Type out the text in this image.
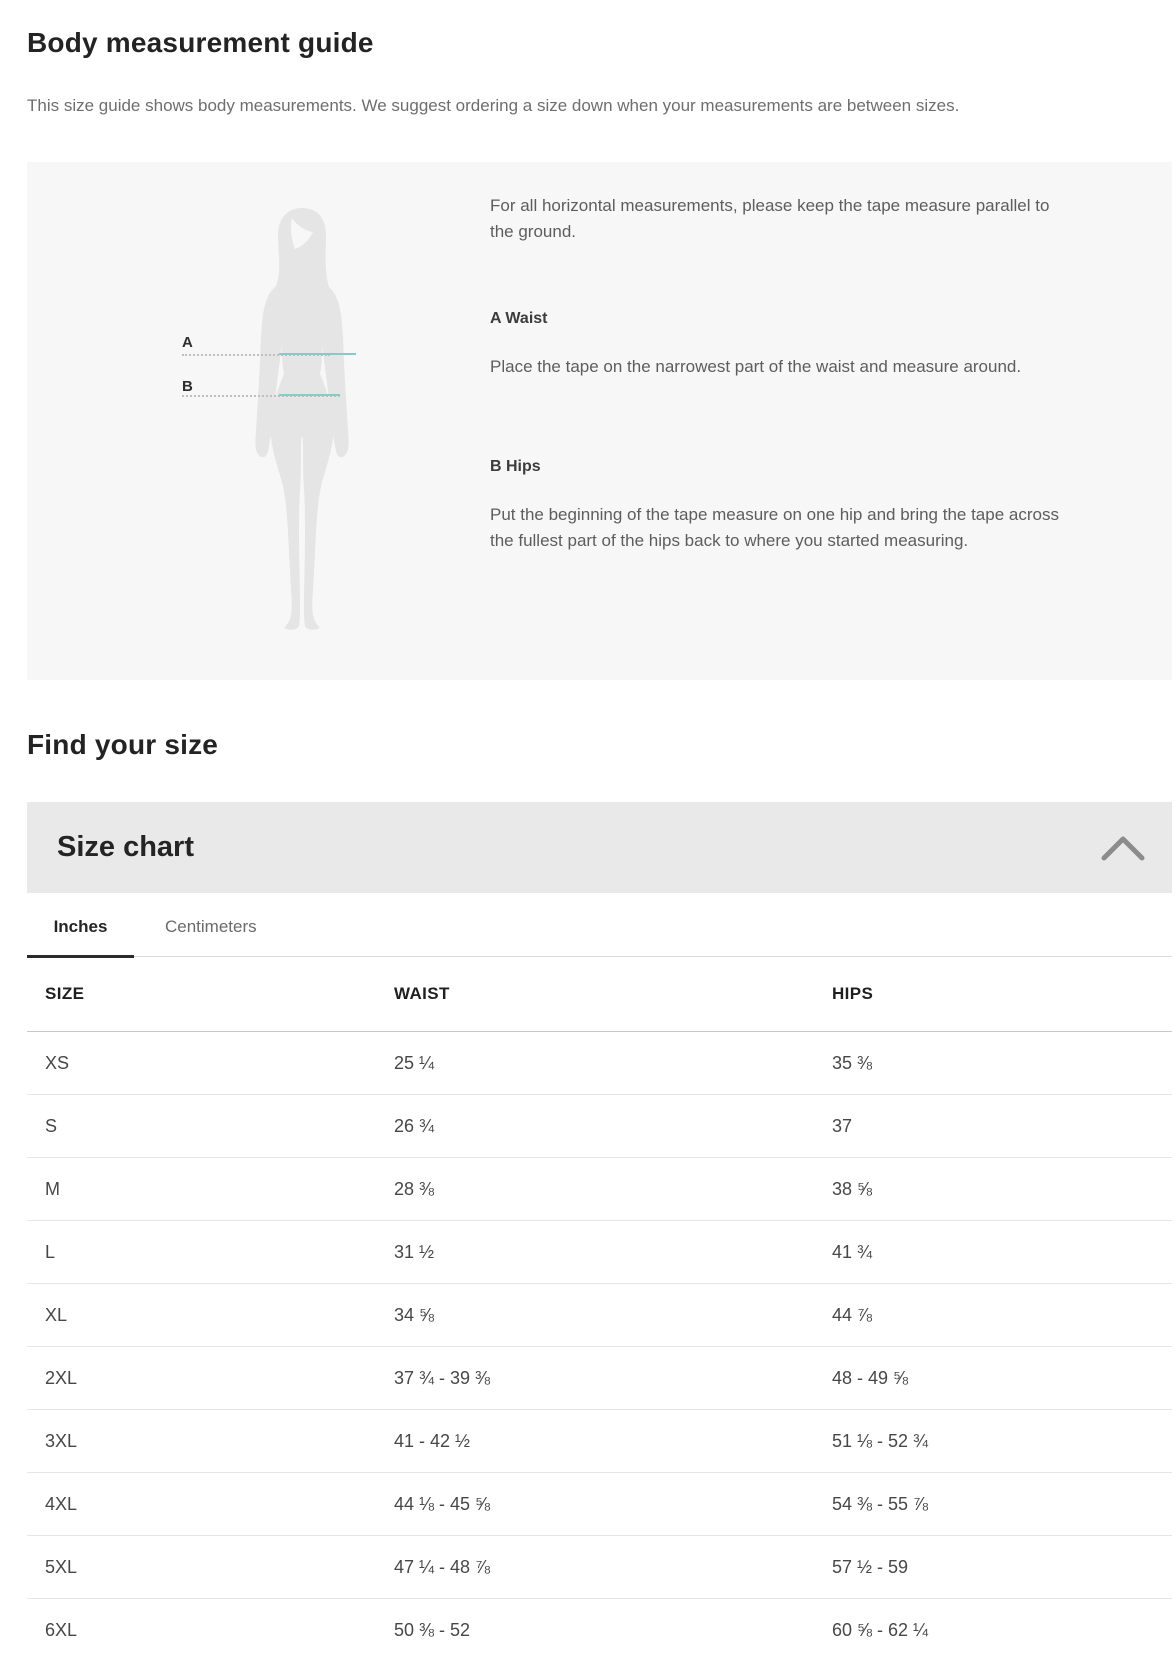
Body measurement guide

This size guide shows body measurements. We suggest ordering a size down when your measurements are between sizes.

A
B

For all horizontal measurements, please keep the tape measure parallel to the ground.

A Waist

Place the tape on the narrowest part of the waist and measure around.

B Hips

Put the beginning of the tape measure on one hip and bring the tape across the fullest part of the hips back to where you started measuring.

Find your size
Size chart
Inches	Centimeters
SIZE	WAIST	HIPS
XS	25 ¼	35 ⅜
S	26 ¾	37
M	28 ⅜	38 ⅝
L	31 ½	41 ¾
XL	34 ⅝	44 ⅞
2XL	37 ¾ - 39 ⅜	48 - 49 ⅝
3XL	41 - 42 ½	51 ⅛ - 52 ¾
4XL	44 ⅛ - 45 ⅝	54 ⅜ - 55 ⅞
5XL	47 ¼ - 48 ⅞	57 ½ - 59
6XL	50 ⅜ - 52	60 ⅝ - 62 ¼
